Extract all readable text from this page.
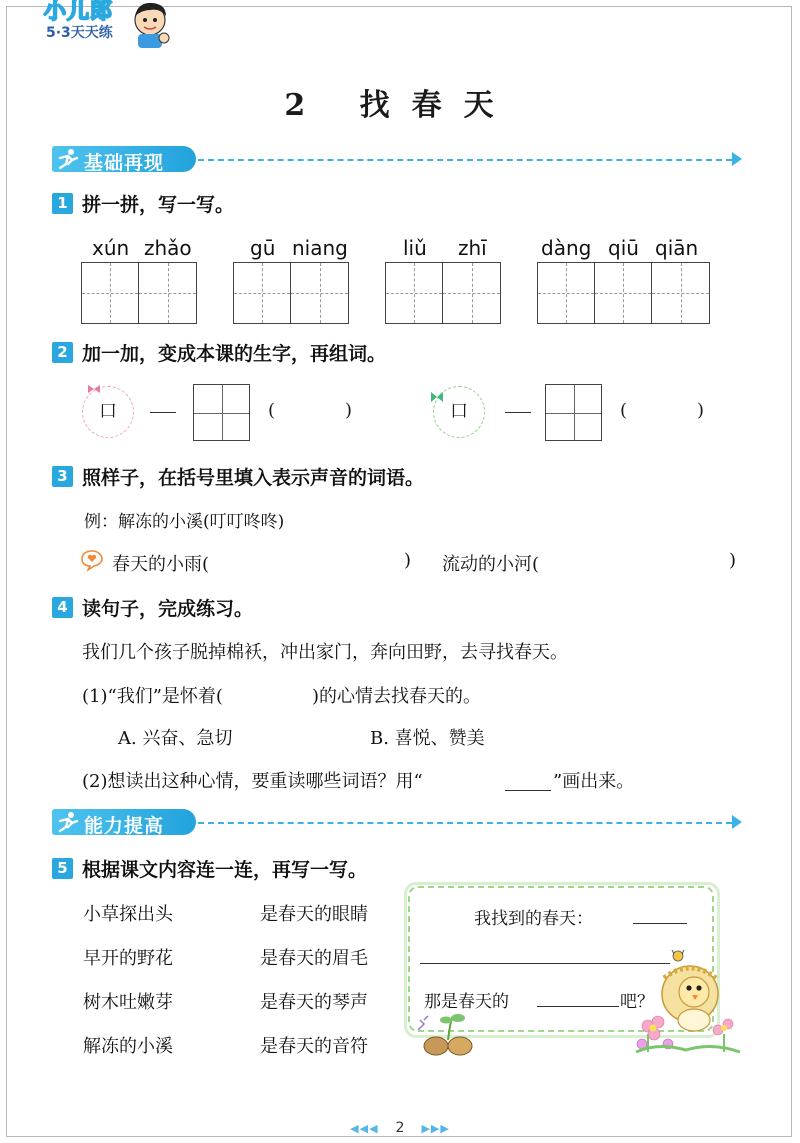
小儿郎
5·3天天练
2 找春天
基础再现
1 拼一拼，写一写。
xún zhǎo	gū niang	liǔ zhī	dàng qiū qiān
2 加一加，变成本课的生字，再组词。
口	(	)	口	(	)
3 照样子，在括号里填入表示声音的词语。
例：解冻的小溪(叮叮咚咚)
春天的小雨(	) 流动的小河(	)
4 读句子，完成练习。
我们几个孩子脱掉棉袄，冲出家门，奔向田野，去寻找春天。
(1)“我们”是怀着(	)的心情去找春天的。
A. 兴奋、急切	B. 喜悦、赞美
(2)想读出这种心情，要重读哪些词语？用“	”画出来。
能力提高
5 根据课文内容连一连，再写一写。
小草探出头
早开的野花
树木吐嫩芽
解冻的小溪
是春天的眼睛
是春天的眉毛
是春天的琴声
是春天的音符
我找到的春天：
那是春天的	吧？
◀◀◀ 2 ▶▶▶
